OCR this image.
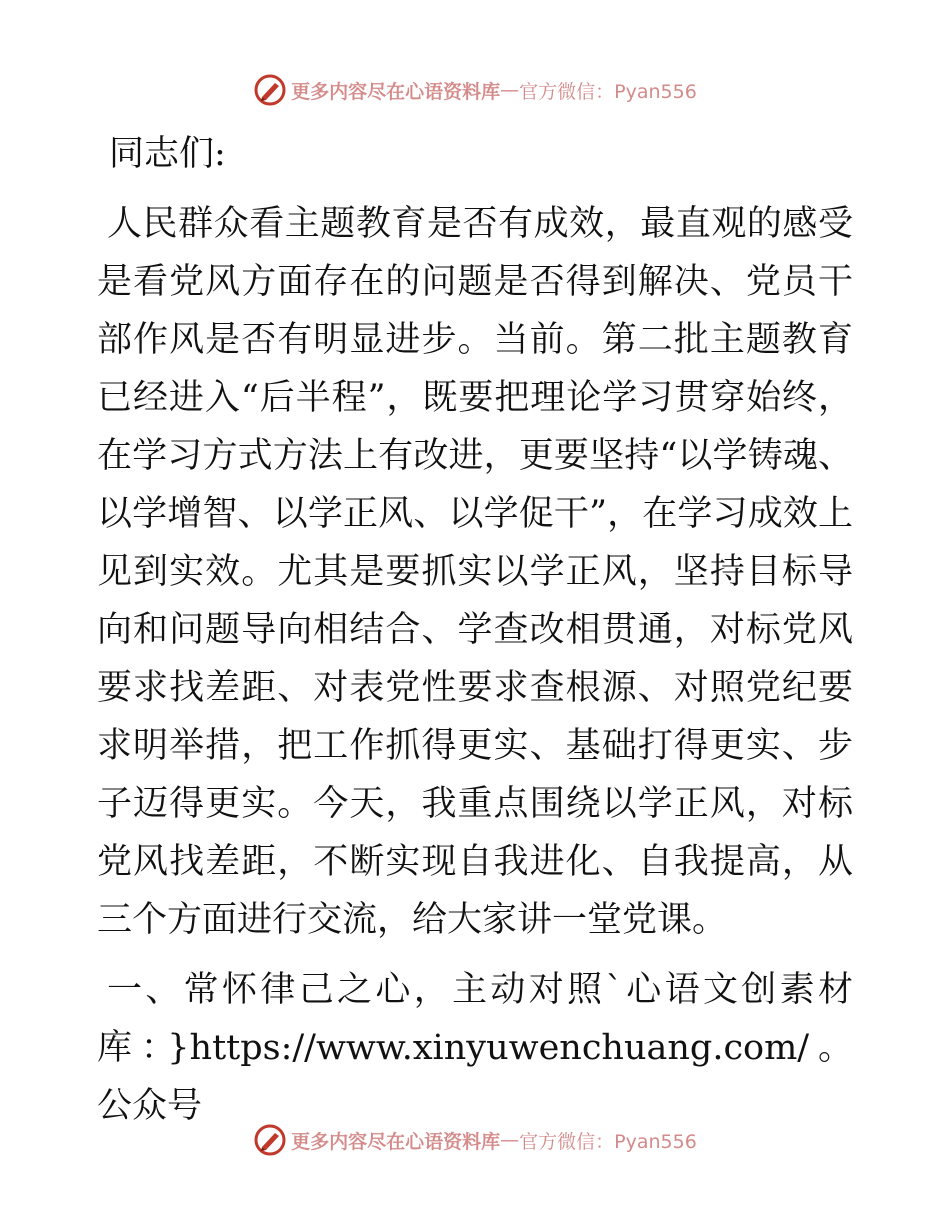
更多内容尽在心语资料库 — 官方微信：Pyan556

同志们:

人民群众看主题教育是否有成效，最直观的感受是看党风方面存在的问题是否得到解决、党员干部作风是否有明显进步。当前。第二批主题教育已经进入“后半程”，既要把理论学习贯穿始终，在学习方式方法上有改进，更要坚持“以学铸魂、以学增智、以学正风、以学促干”，在学习成效上见到实效。尤其是要抓实以学正风，坚持目标导向和问题导向相结合、学查改相贯通，对标党风要求找差距、对表党性要求查根源、对照党纪要求明举措，把工作抓得更实、基础打得更实、步子迈得更实。今天，我重点围绕以学正风，对标党风找差距，不断实现自我进化、自我提高，从三个方面进行交流，给大家讲一堂党课。

一、常怀律己之心，主动对照ˋ心语文创素材库：}https://www.xinyuwenchuang.com/。公众号

更多内容尽在心语资料库 — 官方微信：Pyan556
